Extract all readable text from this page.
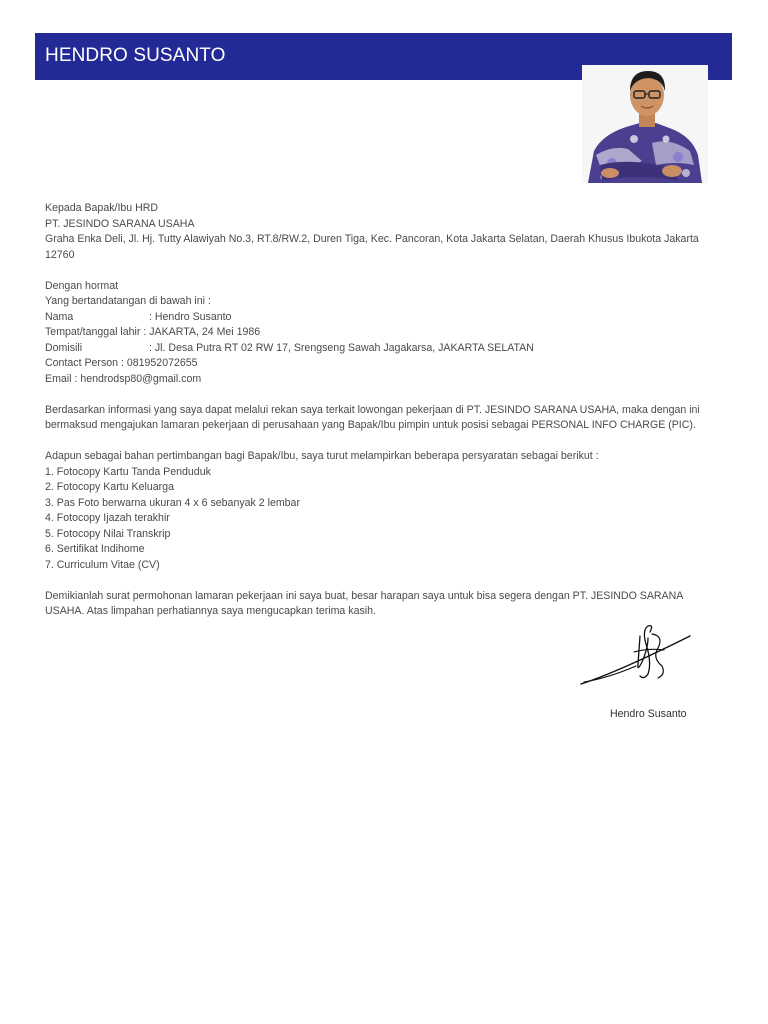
HENDRO SUSANTO

Kepada Bapak/Ibu HRD

PT. JESINDO SARANA USAHA

Graha Enka Deli, Jl. Hj. Tutty Alawiyah No.3, RT.8/RW.2, Duren Tiga, Kec. Pancoran, Kota Jakarta Selatan, Daerah Khusus Ibukota Jakarta 12760

Dengan hormat

Yang bertandatangan di bawah ini :

Nama	: Hendro Susanto

Tempat/tanggal lahir : JAKARTA, 24 Mei 1986

Domisili	: Jl. Desa Putra RT 02 RW 17, Srengseng Sawah Jagakarsa, JAKARTA SELATAN

Contact Person : 081952072655

Email : hendrodsp80@gmail.com

Berdasarkan informasi yang saya dapat melalui rekan saya terkait lowongan pekerjaan di PT. JESINDO SARANA USAHA, maka dengan ini bermaksud mengajukan lamaran pekerjaan di perusahaan yang Bapak/Ibu pimpin untuk posisi sebagai PERSONAL INFO CHARGE (PIC).

Adapun sebagai bahan pertimbangan bagi Bapak/Ibu, saya turut melampirkan beberapa persyaratan sebagai berikut :

1. Fotocopy Kartu Tanda Penduduk

2. Fotocopy Kartu Keluarga

3. Pas Foto berwarna ukuran 4 x 6 sebanyak 2 lembar

4. Fotocopy Ijazah terakhir

5. Fotocopy Nilai Transkrip

6. Sertifikat Indihome

7. Curriculum Vitae (CV)

Demikianlah surat permohonan lamaran pekerjaan ini saya buat, besar harapan saya untuk bisa segera dengan PT. JESINDO SARANA USAHA. Atas limpahan perhatiannya saya mengucapkan terima kasih.

Hendro Susanto
